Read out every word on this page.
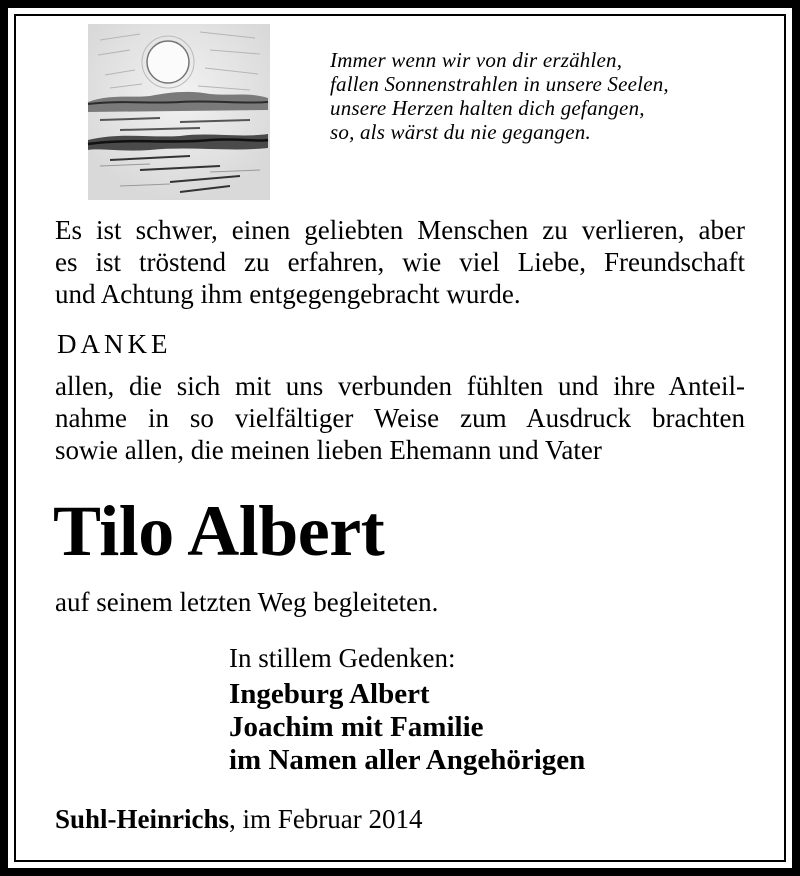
Immer wenn wir von dir erzählen,
fallen Sonnenstrahlen in unsere Seelen,
unsere Herzen halten dich gefangen,
so, als wärst du nie gegangen.
Es ist schwer, einen geliebten Menschen zu verlieren, aber
es ist tröstend zu erfahren, wie viel Liebe, Freundschaft
und Achtung ihm entgegengebracht wurde.
DANKE
allen, die sich mit uns verbunden fühlten und ihre Anteil-
nahme in so vielfältiger Weise zum Ausdruck brachten
sowie allen, die meinen lieben Ehemann und Vater
Tilo Albert
auf seinem letzten Weg begleiteten.
In stillem Gedenken:
Ingeburg Albert
Joachim mit Familie
im Namen aller Angehörigen
Suhl-Heinrichs, im Februar 2014
